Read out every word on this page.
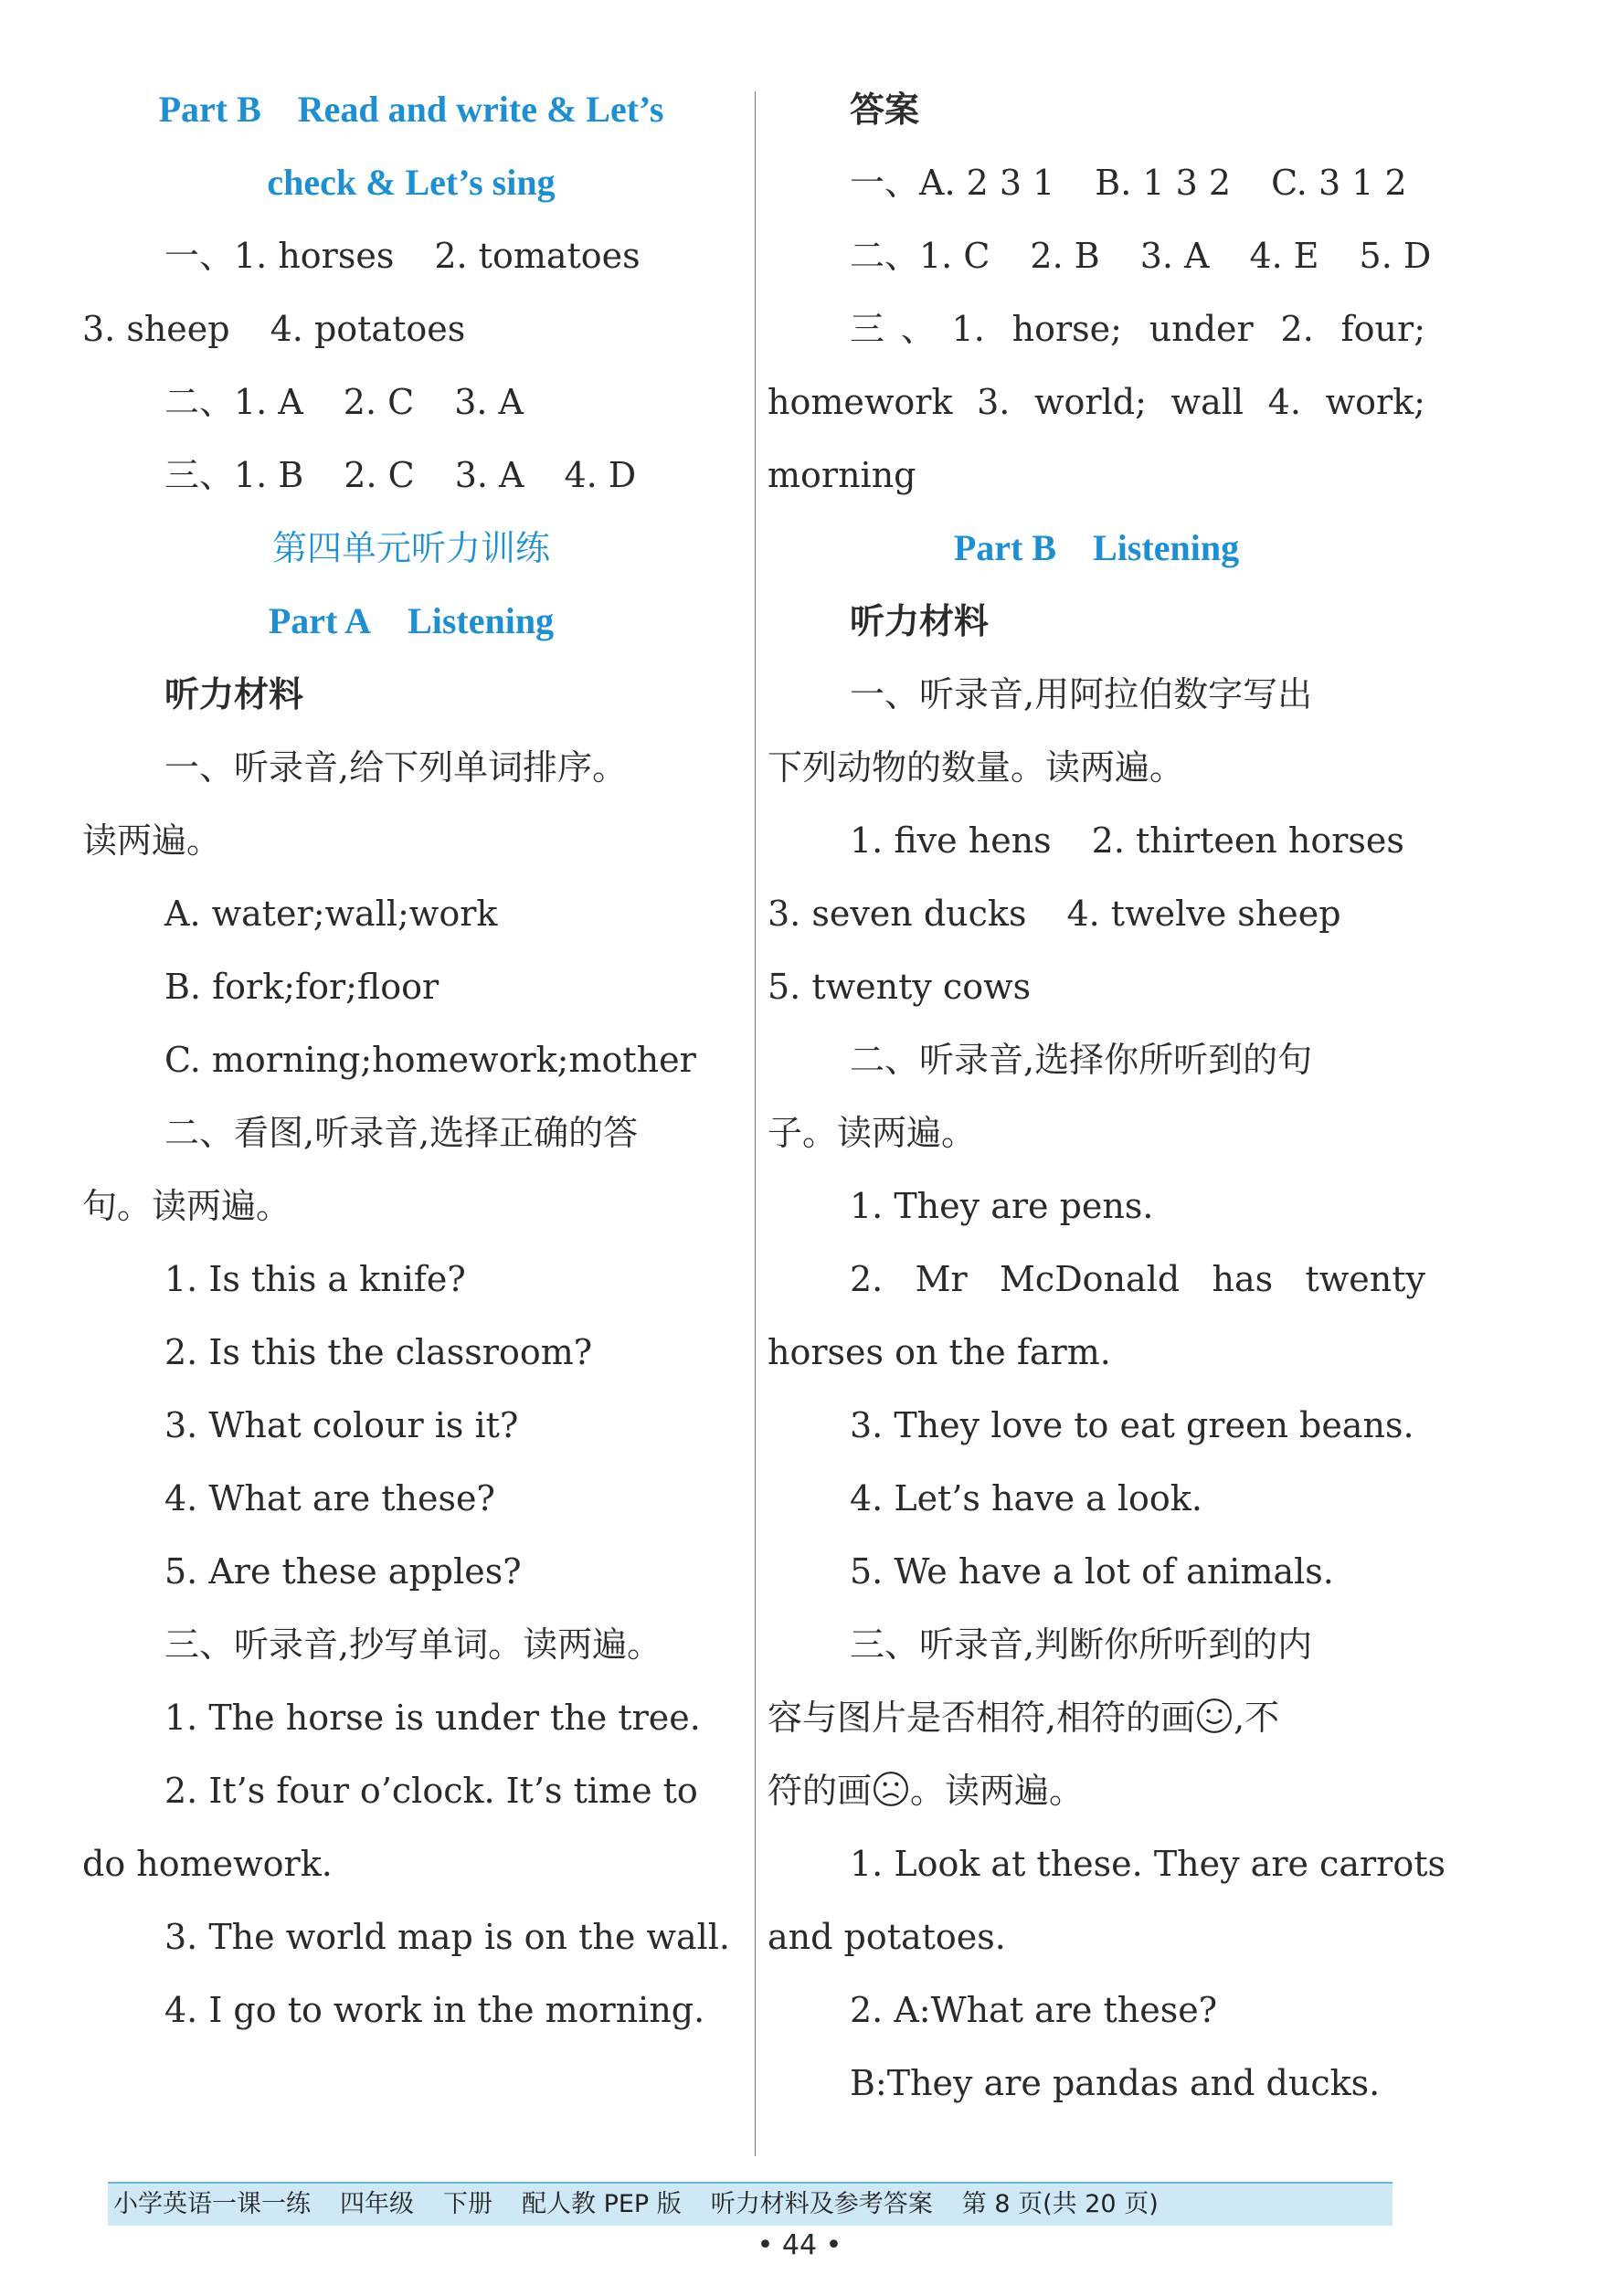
Part B Read and write & Let’s
check & Let’s sing
一、1. horses 2. tomatoes
3. sheep 4. potatoes
二、1. A 2. C 3. A
三、1. B 2. C 3. A 4. D
第四单元听力训练
Part A Listening
听力材料
一、听录音,给下列单词排序。
读两遍。
A. water;wall;work
B. fork;for;floor
C. morning;homework;mother
二、看图,听录音,选择正确的答
句。读两遍。
1. Is this a knife?
2. Is this the classroom?
3. What colour is it?
4. What are these?
5. Are these apples?
三、听录音,抄写单词。读两遍。
1. The horse is under the tree.
2. It’s four o’clock. It’s time to
do homework.
3. The world map is on the wall.
4. I go to work in the morning.
答案
一、A. 2 3 1 B. 1 3 2 C. 3 1 2
二、1. C 2. B 3. A 4. E 5. D
三、1. horse; under 2. four;
homework 3. world; wall 4. work;
morning
Part B Listening
听力材料
一、听录音,用阿拉伯数字写出
下列动物的数量。读两遍。
1. five hens 2. thirteen horses
3. seven ducks 4. twelve sheep
5. twenty cows
二、听录音,选择你所听到的句
子。读两遍。
1. They are pens.
2. Mr McDonald has twenty
horses on the farm.
3. They love to eat green beans.
4. Let’s have a look.
5. We have a lot of animals.
三、听录音,判断你所听到的内
容与图片是否相符,相符的画 ,不
符的画 。读两遍。
1. Look at these. They are carrots
and potatoes.
2. A:What are these?
B:They are pandas and ducks.
小学英语一课一练 四年级 下册 配人教 PEP 版 听力材料及参考答案 第 8 页(共 20 页)
• 44 •
